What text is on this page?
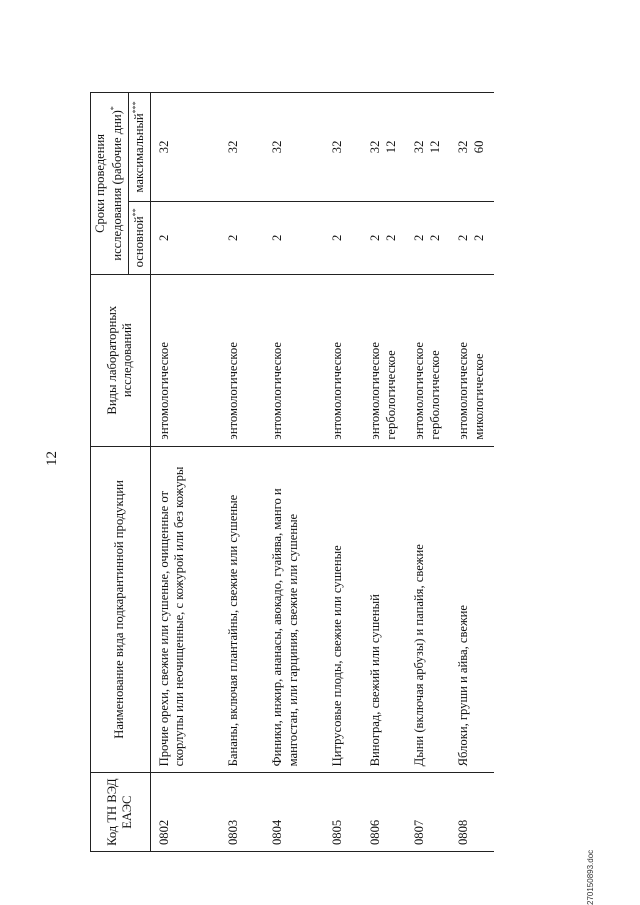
12
Код ТН ВЭД ЕАЭС	Наименование вида подкарантинной продукции	Виды лабораторных исследований	Сроки проведения исследования (рабочие дни)*
			основной**	максимальный***
0802	Прочие орехи, свежие или сушеные, очищенные от скорлупы или неочищенные, с кожурой или без кожуры	энтомологическое	2	32

0803	Бананы, включая плантайны, свежие или сушеные	энтомологическое	2	32

0804	Финики, инжир, ананасы, авокадо, гуайява, манго и мангостан, или гарциния, свежие или сушеные	энтомологическое	2	32

0805	Цитрусовые плоды, свежие или сушеные	энтомологическое	2	32

0806	Виноград, свежий или сушеный	энтомологическое гербологическое	2 2	32 12

0807	Дыни (включая арбузы) и папайя, свежие	энтомологическое гербологическое	2 2	32 12

0808	Яблоки, груши и айва, свежие	энтомологическое микологическое	2 2	32 60
270150893.doc
